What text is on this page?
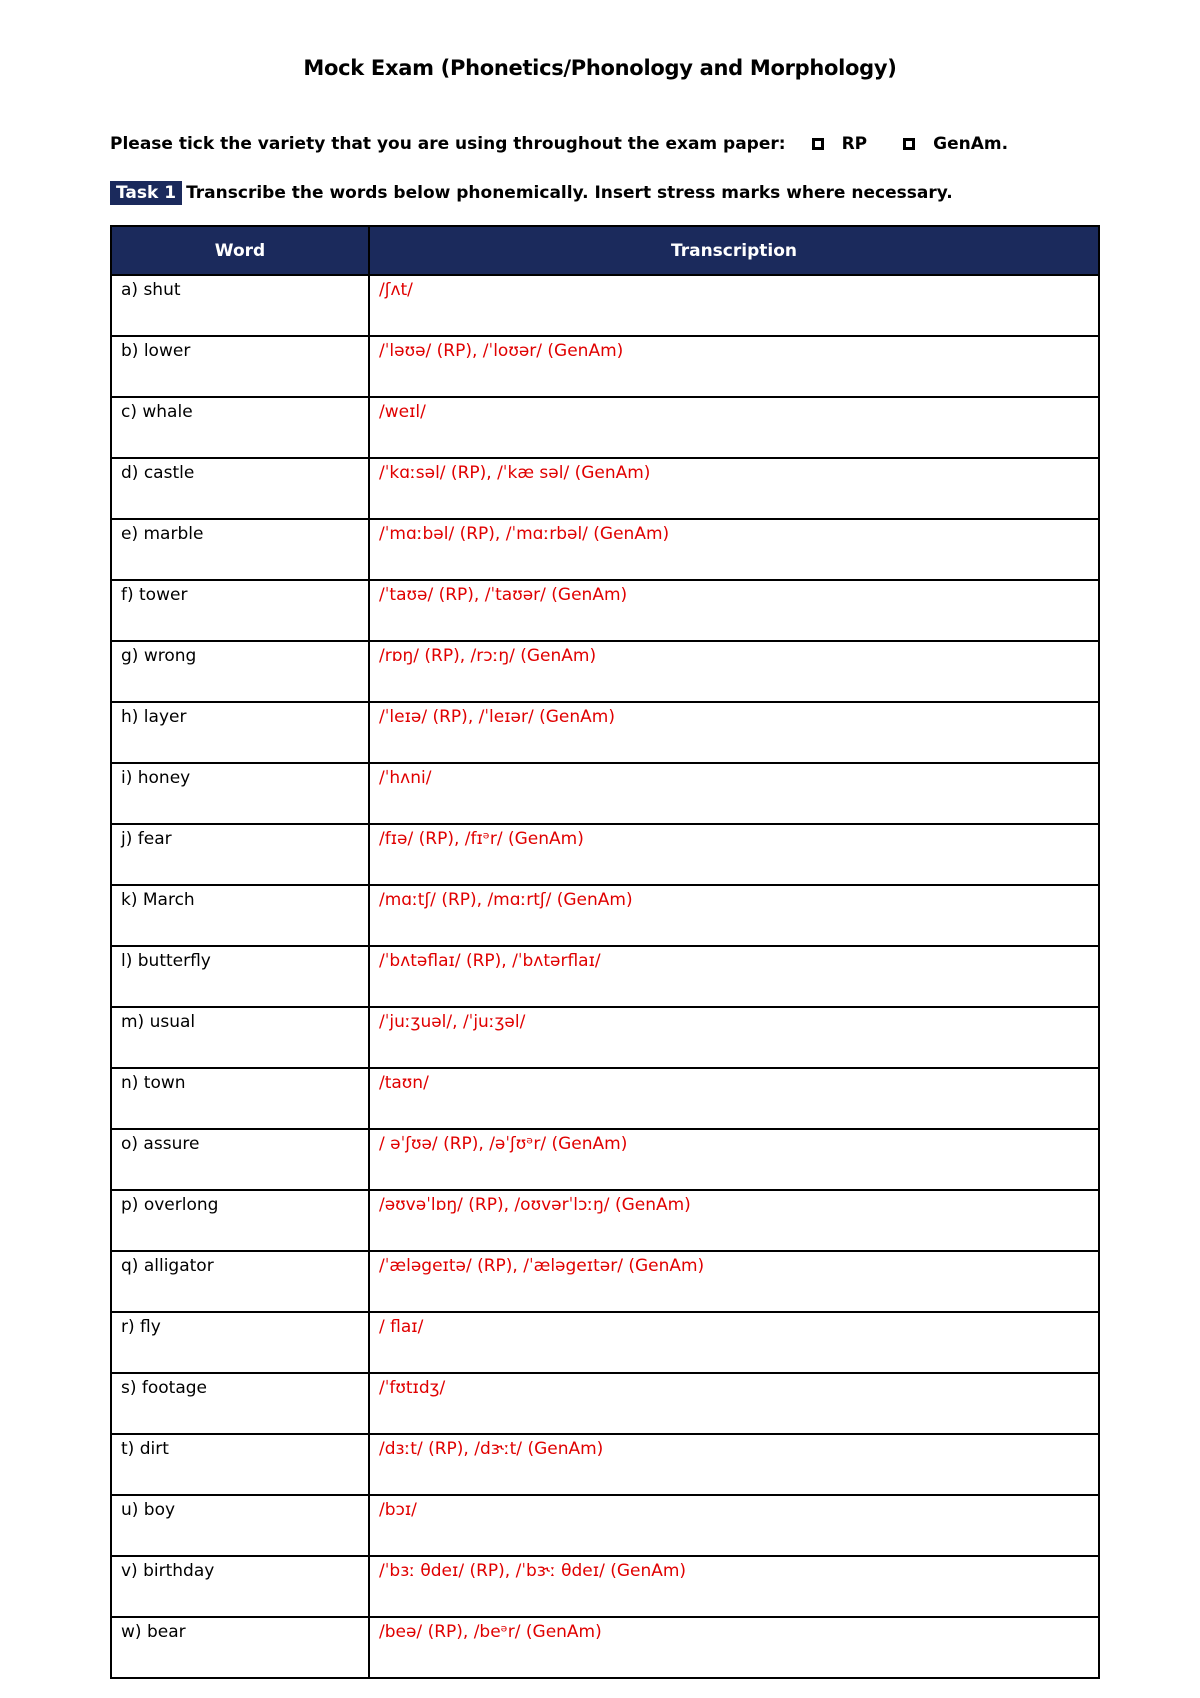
Mock Exam (Phonetics/Phonology and Morphology)
Please tick the variety that you are using throughout the exam paper:	RP	GenAm.
Task 1 Transcribe the words below phonemically. Insert stress marks where necessary.
Word	Transcription
a) shut	/ʃʌt/
b) lower	/ˈləʊə/ (RP), /ˈloʊər/ (GenAm)
c) whale	/weɪl/
d) castle	/ˈkɑːsəl/ (RP), /ˈkæ səl/ (GenAm)
e) marble	/ˈmɑːbəl/ (RP), /ˈmɑːrbəl/ (GenAm)
f) tower	/ˈtaʊə/ (RP), /ˈtaʊər/ (GenAm)
g) wrong	/rɒŋ/ (RP), /rɔːŋ/ (GenAm)
h) layer	/ˈleɪə/ (RP), /ˈleɪər/ (GenAm)
i) honey	/ˈhʌni/
j) fear	/fɪə/ (RP), /fɪᵊr/ (GenAm)
k) March	/mɑːtʃ/ (RP), /mɑːrtʃ/ (GenAm)
l) butterfly	/ˈbʌtəflaɪ/ (RP), /ˈbʌtərflaɪ/
m) usual	/ˈjuːʒuəl/, /ˈjuːʒəl/
n) town	/taʊn/
o) assure	/ əˈʃʊə/ (RP), /əˈʃʊᵊr/ (GenAm)
p) overlong	/əʊvəˈlɒŋ/ (RP), /oʊvərˈlɔːŋ/ (GenAm)
q) alligator	/ˈæləgeɪtə/ (RP), /ˈæləgeɪtər/ (GenAm)
r) fly	/ flaɪ/
s) footage	/ˈfʊtɪdʒ/
t) dirt	/dɜːt/ (RP), /dɝːt/ (GenAm)
u) boy	/bɔɪ/
v) birthday	/ˈbɜː θdeɪ/ (RP), /ˈbɝː θdeɪ/ (GenAm)
w) bear	/beə/ (RP), /beᵊr/ (GenAm)
